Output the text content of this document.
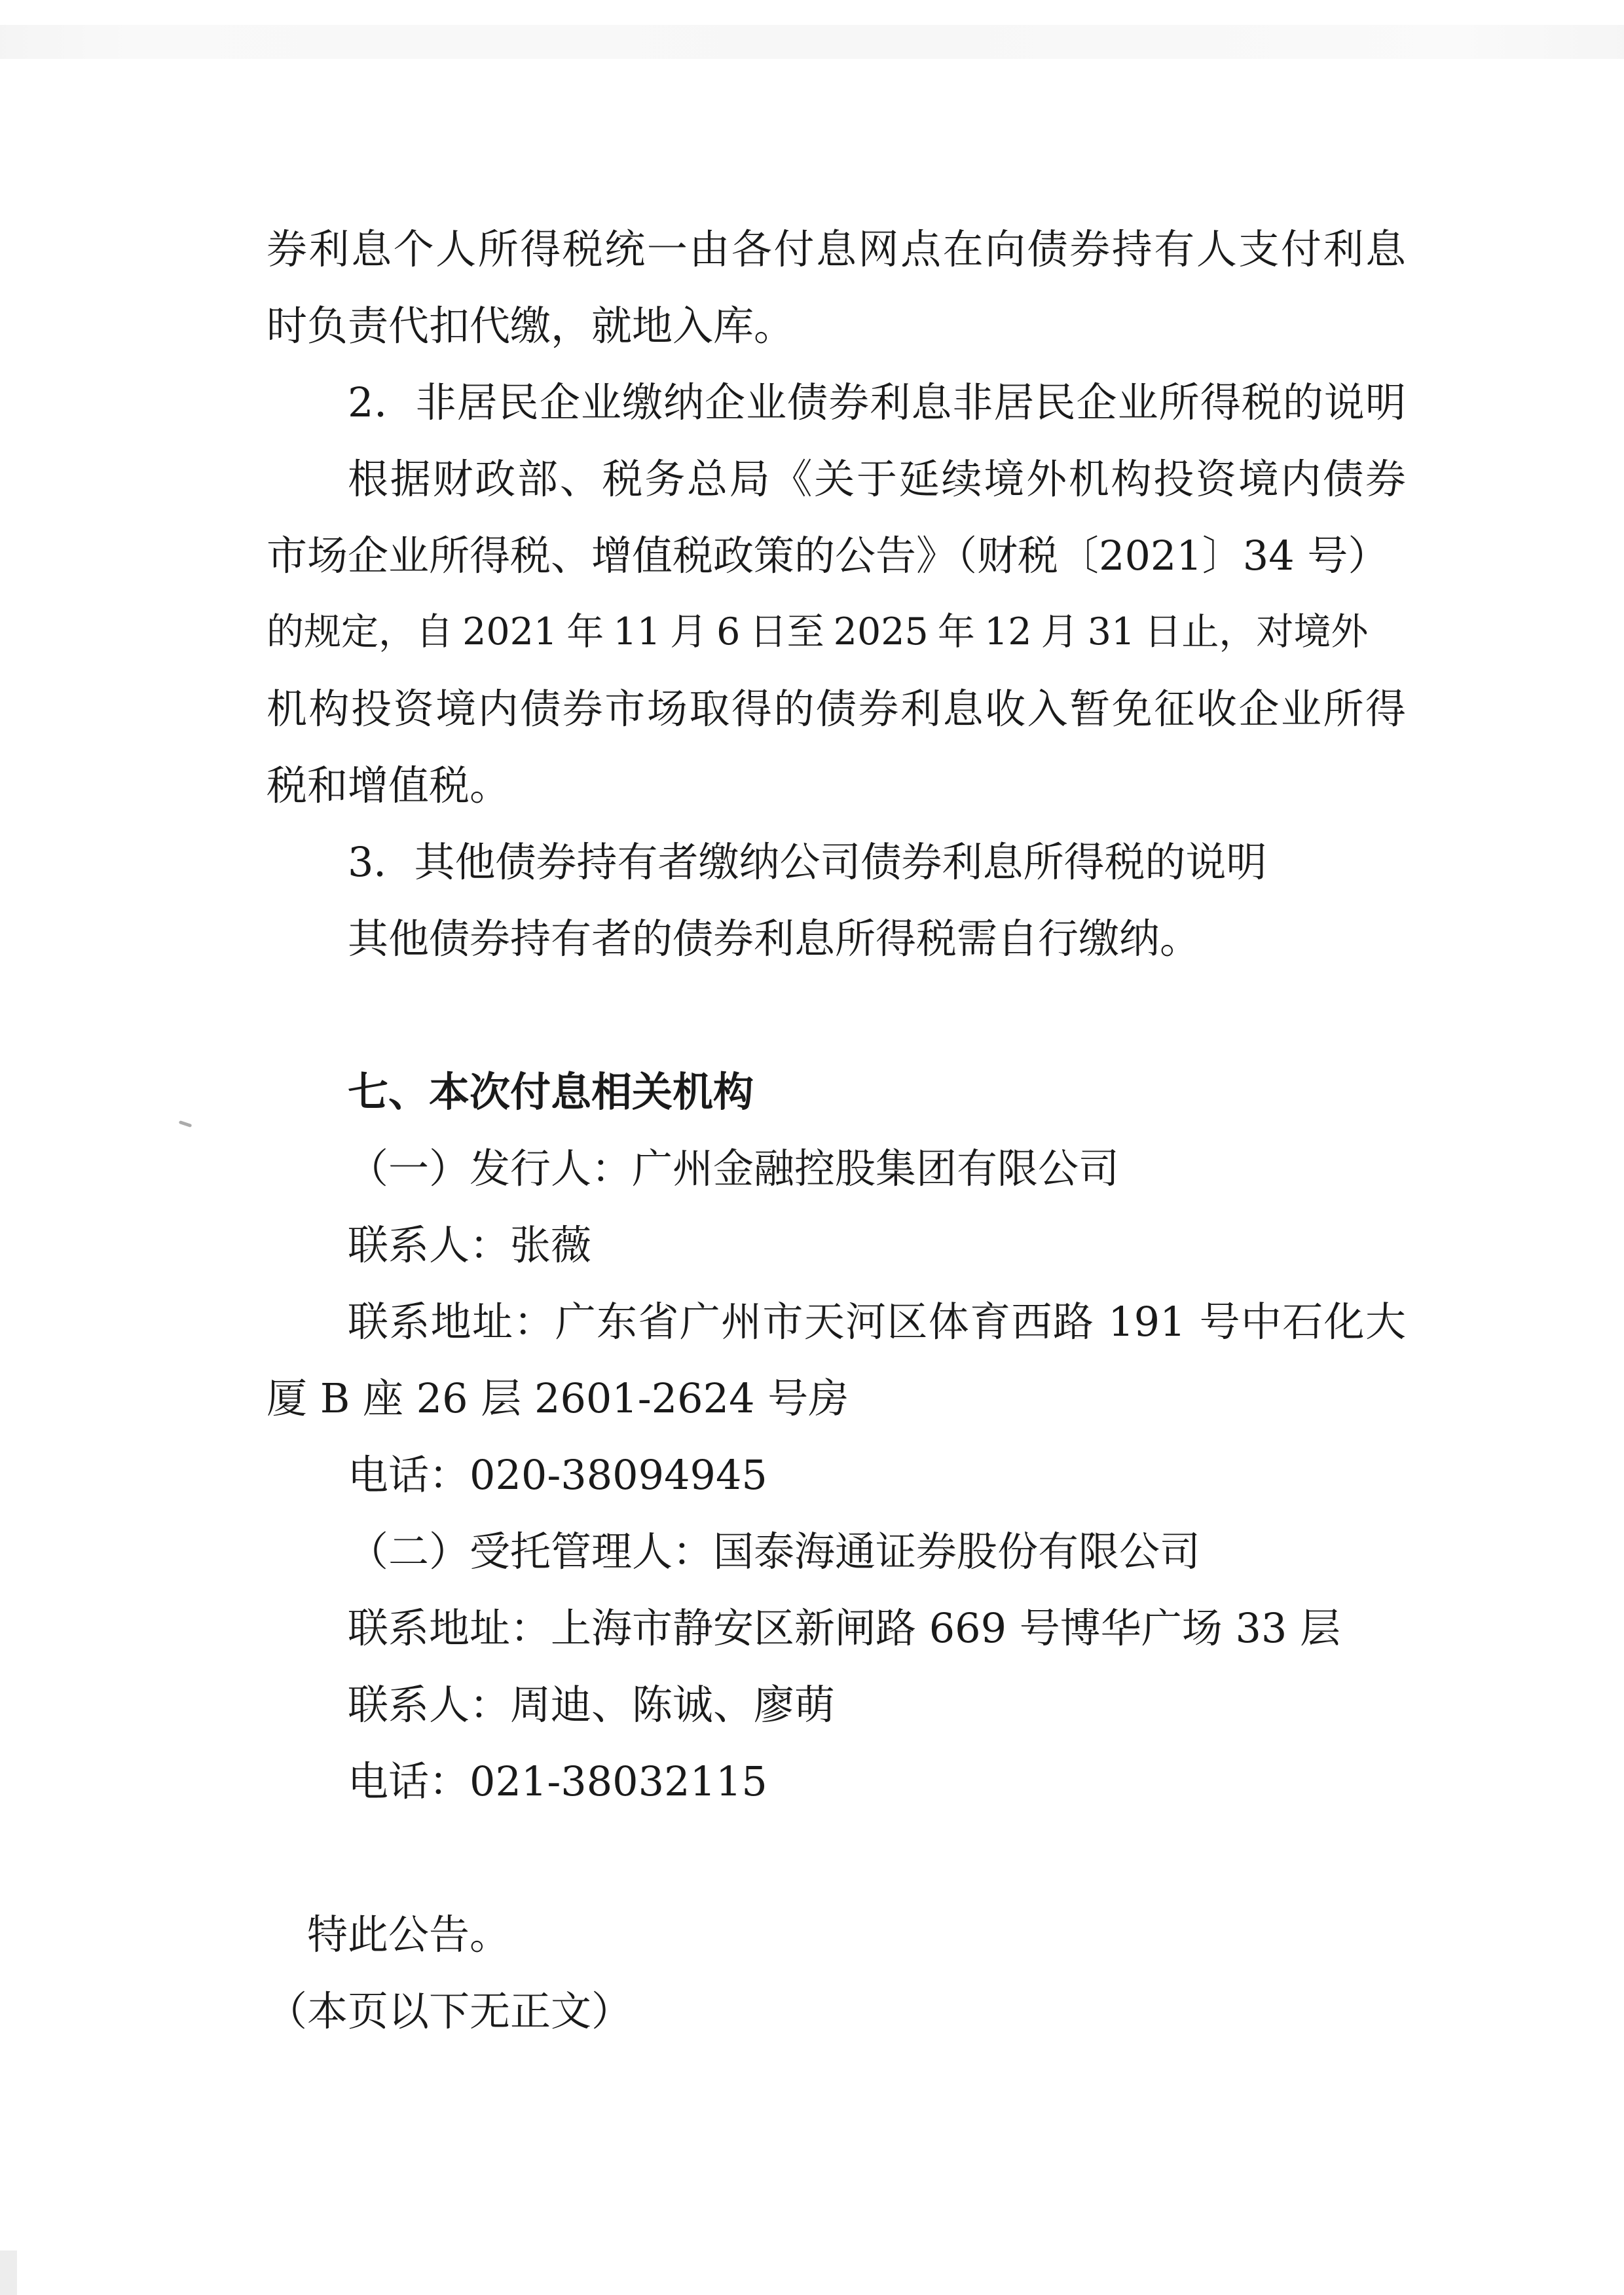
券利息个人所得税统一由各付息网点在向债券持有人支付利息
时负责代扣代缴，就地入库。
2．非居民企业缴纳企业债券利息非居民企业所得税的说明
根据财政部、税务总局《关于延续境外机构投资境内债券
市场企业所得税、增值税政策的公告》（财税〔2021〕34 号）
的规定，自 2021 年 11 月 6 日至 2025 年 12 月 31 日止，对境外
机构投资境内债券市场取得的债券利息收入暂免征收企业所得
税和增值税。
3．其他债券持有者缴纳公司债券利息所得税的说明
其他债券持有者的债券利息所得税需自行缴纳。
七、本次付息相关机构
（一）发行人：广州金融控股集团有限公司
联系人：张薇
联系地址：广东省广州市天河区体育西路 191 号中石化大
厦 B 座 26 层 2601-2624 号房
电话：020-38094945
（二）受托管理人：国泰海通证券股份有限公司
联系地址：上海市静安区新闸路 669 号博华广场 33 层
联系人：周迪、陈诚、廖萌
电话：021-38032115
特此公告。
（本页以下无正文）
